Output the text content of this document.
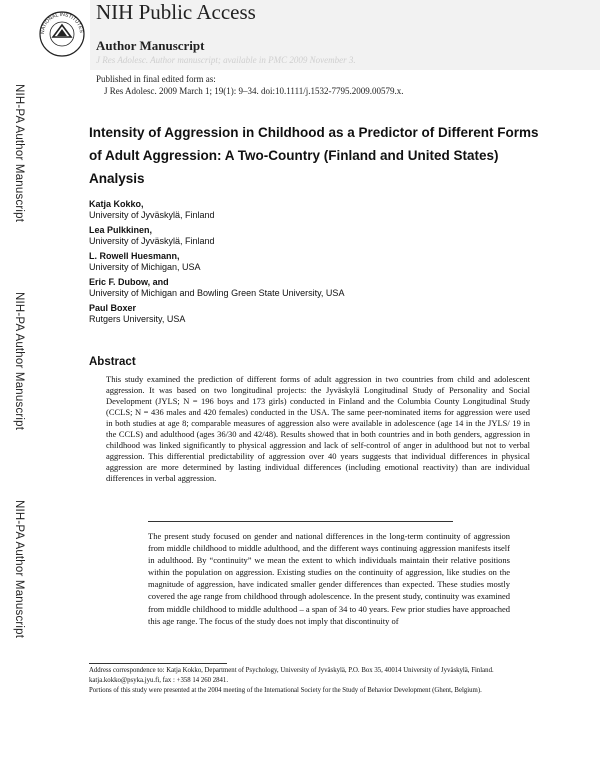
NATIONAL INSTITUTES
NIH Public Access
Author Manuscript
J Res Adolesc. Author manuscript; available in PMC 2009 November 3.
Published in final edited form as:
J Res Adolesc. 2009 March 1; 19(1): 9–34. doi:10.1111/j.1532-7795.2009.00579.x.
NIH-PA Author Manuscript
NIH-PA Author Manuscript
NIH-PA Author Manuscript
Intensity of Aggression in Childhood as a Predictor of Different Forms of Adult Aggression: A Two-Country (Finland and United States) Analysis
Katja Kokko,
University of Jyväskylä, Finland
Lea Pulkkinen,
University of Jyväskylä, Finland
L. Rowell Huesmann,
University of Michigan, USA
Eric F. Dubow, and
University of Michigan and Bowling Green State University, USA
Paul Boxer
Rutgers University, USA
Abstract
This study examined the prediction of different forms of adult aggression in two countries from child and adolescent aggression. It was based on two longitudinal projects: the Jyväskylä Longitudinal Study of Personality and Social Development (JYLS; N = 196 boys and 173 girls) conducted in Finland and the Columbia County Longitudinal Study (CCLS; N = 436 males and 420 females) conducted in the USA. The same peer-nominated items for aggression were used in both studies at age 8; comparable measures of aggression also were available in adolescence (age 14 in the JYLS/ 19 in the CCLS) and adulthood (ages 36/30 and 42/48). Results showed that in both countries and in both genders, aggression in childhood was linked significantly to physical aggression and lack of self-control of anger in adulthood but not to verbal aggression. This differential predictability of aggression over 40 years suggests that individual differences in physical aggression are more determined by lasting individual differences (including emotional reactivity) than are individual differences in verbal aggression.
The present study focused on gender and national differences in the long-term continuity of aggression from middle childhood to middle adulthood, and the different ways continuing aggression manifests itself in adulthood. By “continuity” we mean the extent to which individuals maintain their relative positions within the population on aggression. Existing studies on the continuity of aggression, like studies on the magnitude of aggression, have indicated smaller gender differences than expected. These studies mostly covered the age range from childhood through adolescence. In the present study, continuity was examined from middle childhood to middle adulthood – a span of 34 to 40 years. Few prior studies have approached this age range. The focus of the study does not imply that discontinuity of
Address correspondence to: Katja Kokko, Department of Psychology, University of Jyväskylä, P.O. Box 35, 40014 University of Jyväskylä, Finland. katja.kokko@psyka.jyu.fi, fax : +358 14 260 2841.
Portions of this study were presented at the 2004 meeting of the International Society for the Study of Behavior Development (Ghent, Belgium).
